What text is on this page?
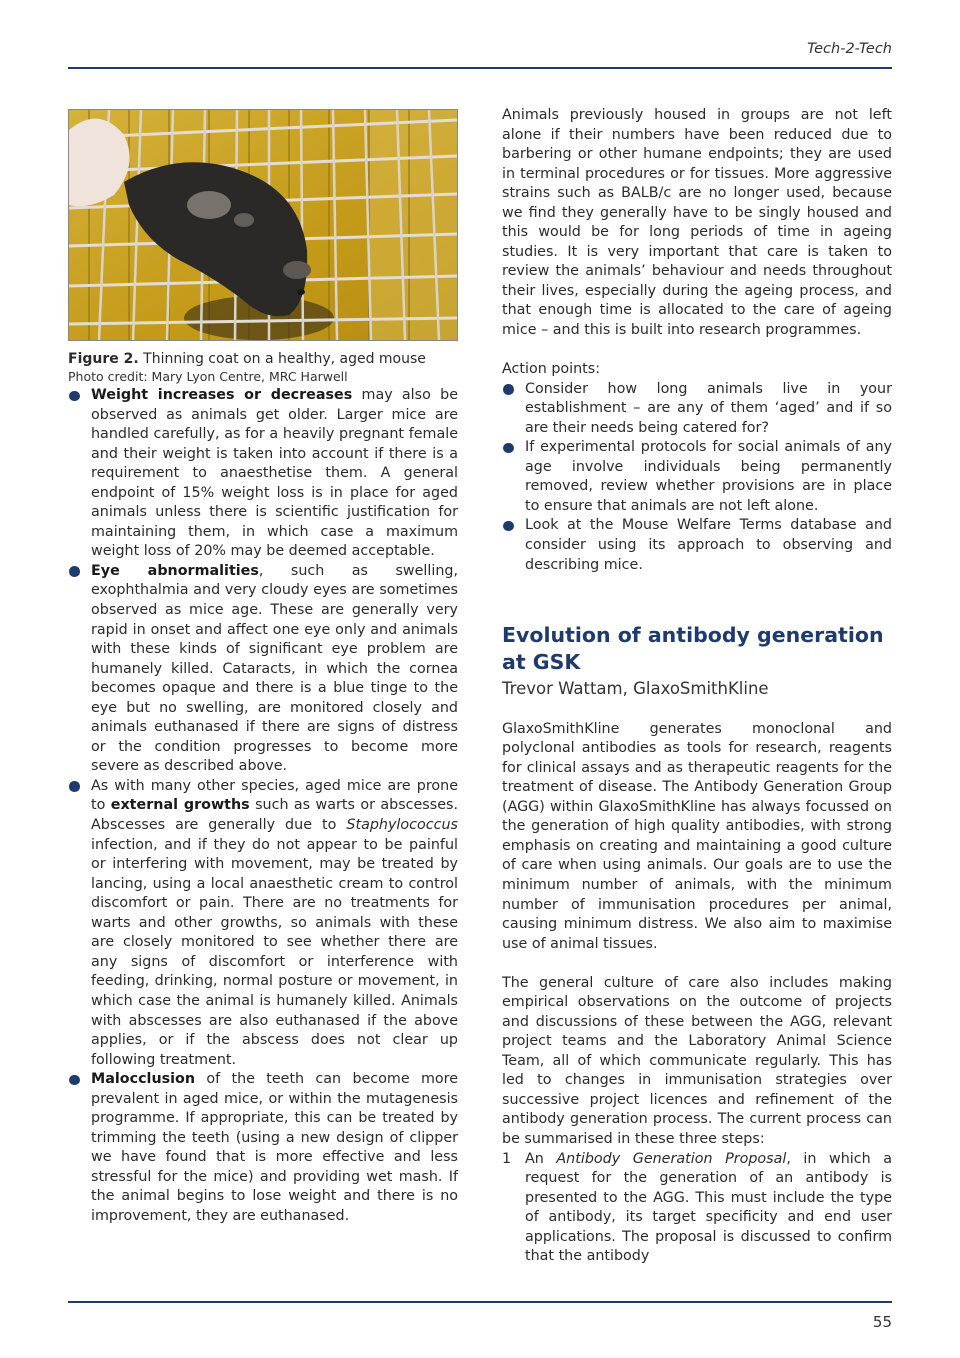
Tech-2-Tech
Figure 2. Thinning coat on a healthy, aged mouse
Photo credit: Mary Lyon Centre, MRC Harwell
Weight increases or decreases may also be observed as animals get older. Larger mice are handled carefully, as for a heavily pregnant female and their weight is taken into account if there is a requirement to anaesthetise them. A general endpoint of 15% weight loss is in place for aged animals unless there is scientific justification for maintaining them, in which case a maximum weight loss of 20% may be deemed acceptable.
Eye abnormalities, such as swelling, exophthalmia and very cloudy eyes are sometimes observed as mice age. These are generally very rapid in onset and affect one eye only and animals with these kinds of significant eye problem are humanely killed. Cataracts, in which the cornea becomes opaque and there is a blue tinge to the eye but no swelling, are monitored closely and animals euthanased if there are signs of distress or the condition progresses to become more severe as described above.
As with many other species, aged mice are prone to external growths such as warts or abscesses. Abscesses are generally due to Staphylococcus infection, and if they do not appear to be painful or interfering with movement, may be treated by lancing, using a local anaesthetic cream to control discomfort or pain. There are no treatments for warts and other growths, so animals with these are closely monitored to see whether there are any signs of discomfort or interference with feeding, drinking, normal posture or movement, in which case the animal is humanely killed. Animals with abscesses are also euthanased if the above applies, or if the abscess does not clear up following treatment.
Malocclusion of the teeth can become more prevalent in aged mice, or within the mutagenesis programme. If appropriate, this can be treated by trimming the teeth (using a new design of clipper we have found that is more effective and less stressful for the mice) and providing wet mash. If the animal begins to lose weight and there is no improvement, they are euthanased.

Animals previously housed in groups are not left alone if their numbers have been reduced due to barbering or other humane endpoints; they are used in terminal procedures or for tissues. More aggressive strains such as BALB/c are no longer used, because we find they generally have to be singly housed and this would be for long periods of time in ageing studies. It is very important that care is taken to review the animals’ behaviour and needs throughout their lives, especially during the ageing process, and that enough time is allocated to the care of ageing mice – and this is built into research programmes.

Action points:

Consider how long animals live in your establishment – are any of them ‘aged’ and if so are their needs being catered for?
If experimental protocols for social animals of any age involve individuals being permanently removed, review whether provisions are in place to ensure that animals are not left alone.
Look at the Mouse Welfare Terms database and consider using its approach to observing and describing mice.
Evolution of antibody generation at GSK
Trevor Wattam, GlaxoSmithKline

GlaxoSmithKline generates monoclonal and polyclonal antibodies as tools for research, reagents for clinical assays and as therapeutic reagents for the treatment of disease. The Antibody Generation Group (AGG) within GlaxoSmithKline has always focussed on the generation of high quality antibodies, with strong emphasis on creating and maintaining a good culture of care when using animals. Our goals are to use the minimum number of animals, with the minimum number of immunisation procedures per animal, causing minimum distress. We also aim to maximise use of animal tissues.

The general culture of care also includes making empirical observations on the outcome of projects and discussions of these between the AGG, relevant project teams and the Laboratory Animal Science Team, all of which communicate regularly. This has led to changes in immunisation strategies over successive project licences and refinement of the antibody generation process. The current process can be summarised in these three steps:

1 An Antibody Generation Proposal, in which a request for the generation of an antibody is presented to the AGG. This must include the type of antibody, its target specificity and end user applications. The proposal is discussed to confirm that the antibody
55
